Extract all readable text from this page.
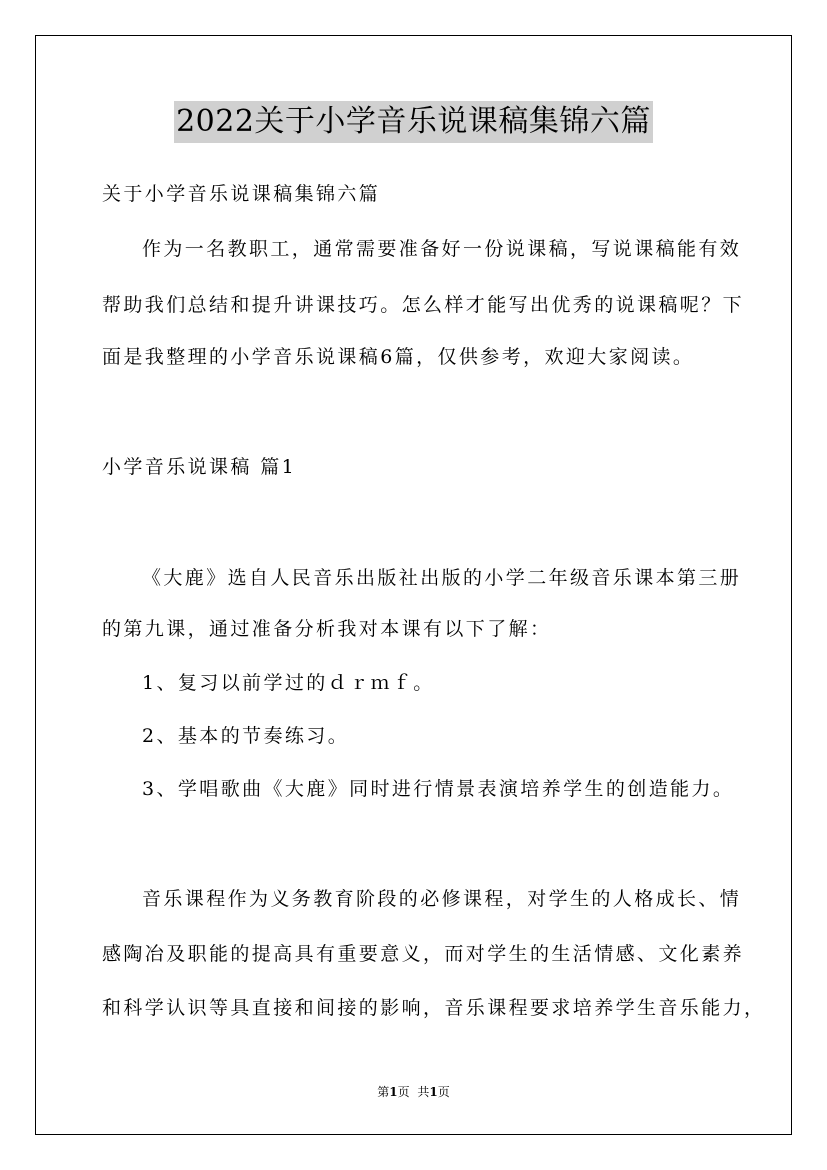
2022关于小学音乐说课稿集锦六篇
关于小学音乐说课稿集锦六篇
作为一名教职工，通常需要准备好一份说课稿，写说课稿能有效
帮助我们总结和提升讲课技巧。怎么样才能写出优秀的说课稿呢？下
面是我整理的小学音乐说课稿6篇，仅供参考，欢迎大家阅读。
小学音乐说课稿 篇1
《大鹿》选自人民音乐出版社出版的小学二年级音乐课本第三册
的第九课，通过准备分析我对本课有以下了解：
1、复习以前学过的ｄｒｍｆ。
2、基本的节奏练习。
3、学唱歌曲《大鹿》同时进行情景表演培养学生的创造能力。
音乐课程作为义务教育阶段的必修课程，对学生的人格成长、情
感陶冶及职能的提高具有重要意义，而对学生的生活情感、文化素养
和科学认识等具直接和间接的影响，音乐课程要求培养学生音乐能力，
第1页 共1页
